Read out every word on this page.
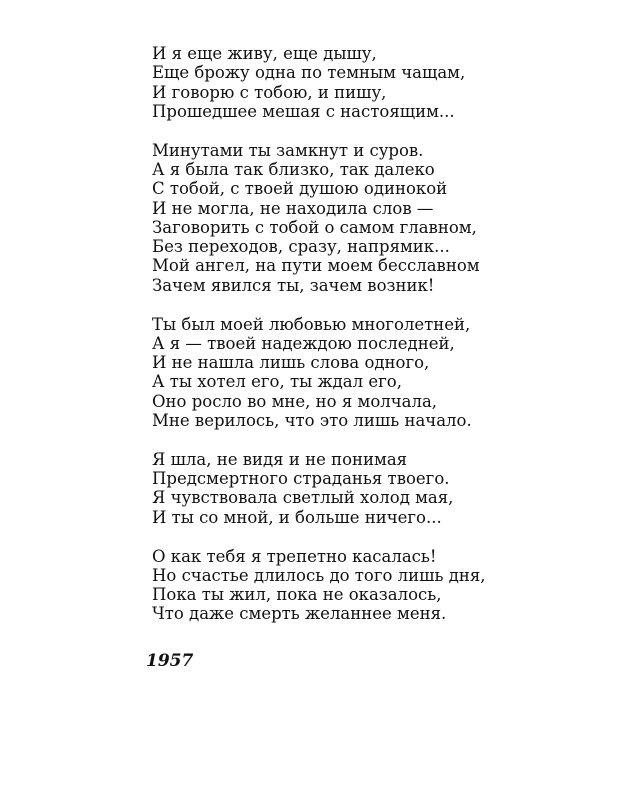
И я еще живу, еще дышу,
Еще брожу одна по темным чащам,
И говорю с тобою, и пишу,
Прошедшее мешая с настоящим...
Минутами ты замкнут и суров.
А я была так близко, так далеко
С тобой, с твоей душою одинокой
И не могла, не находила слов —
Заговорить с тобой о самом главном,
Без переходов, сразу, напрямик...
Мой ангел, на пути моем бесславном
Зачем явился ты, зачем возник!
Ты был моей любовью многолетней,
А я — твоей надеждою последней,
И не нашла лишь слова одного,
А ты хотел его, ты ждал его,
Оно росло во мне, но я молчала,
Мне верилось, что это лишь начало.
Я шла, не видя и не понимая
Предсмертного страданья твоего.
Я чувствовала светлый холод мая,
И ты со мной, и больше ничего...
О как тебя я трепетно касалась!
Но счастье длилось до того лишь дня,
Пока ты жил, пока не оказалось,
Что даже смерть желаннее меня.
1957
